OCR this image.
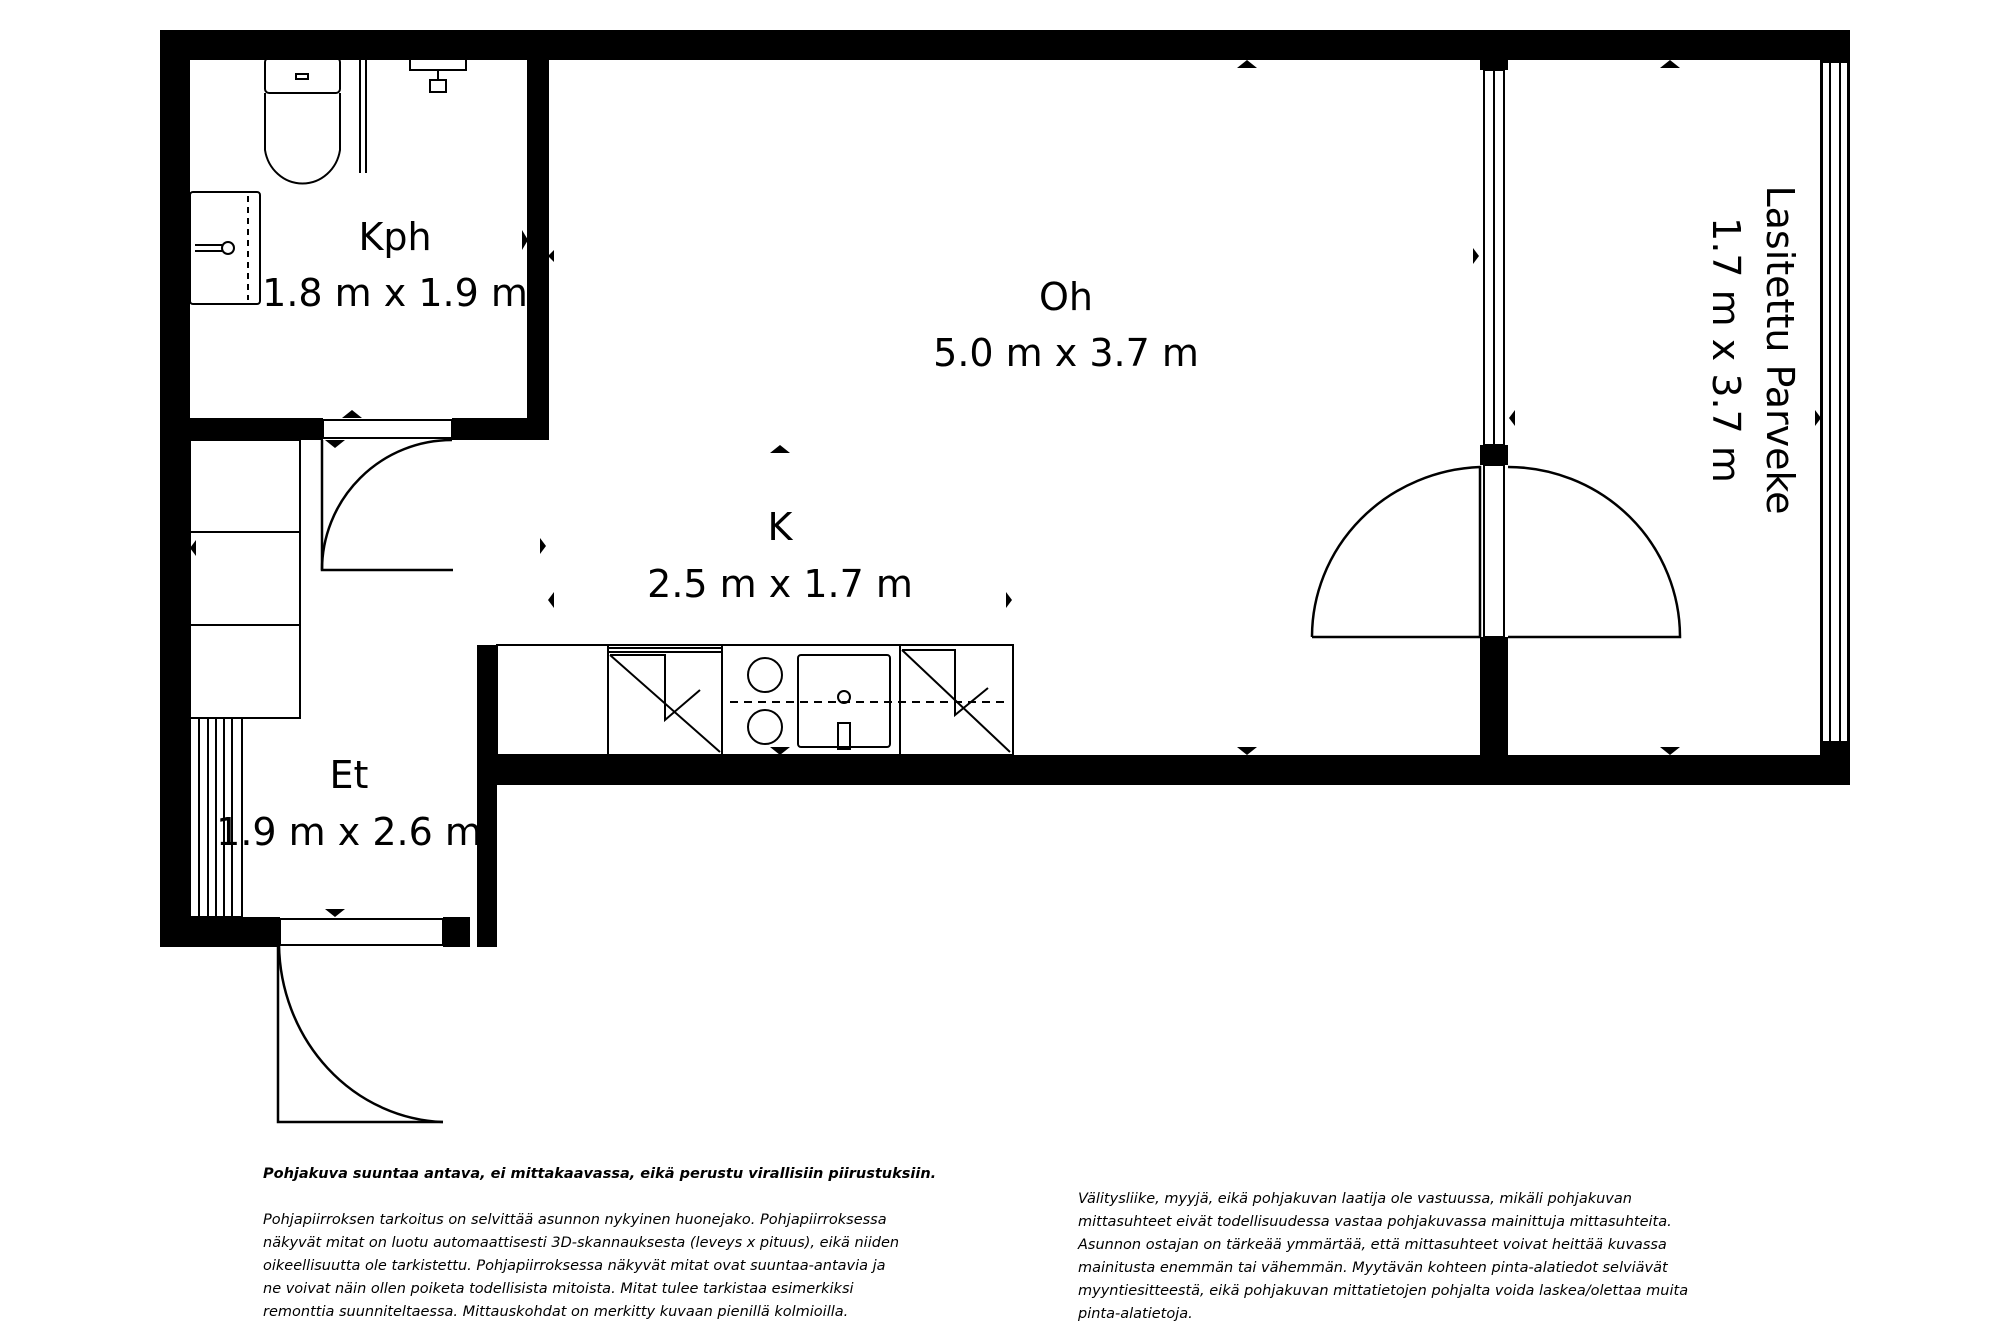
Kph
1.8 m x 1.9 m	Oh
5.0 m x 3.7 m
K
2.5 m x 1.7 m
Et
1.9 m x 2.6 m
Lasitettu Parveke
1.7 m x 3.7 m

Pohjakuva suuntaa antava, ei mittakaavassa, eikä perustu virallisiin piirustuksiin.

Pohjapiirroksen tarkoitus on selvittää asunnon nykyinen huonejako. Pohjapiirroksessa
näkyvät mitat on luotu automaattisesti 3D-skannauksesta (leveys x pituus), eikä niiden
oikeellisuutta ole tarkistettu. Pohjapiirroksessa näkyvät mitat ovat suuntaa-antavia ja
ne voivat näin ollen poiketa todellisista mitoista. Mitat tulee tarkistaa esimerkiksi
remonttia suunniteltaessa. Mittauskohdat on merkitty kuvaan pienillä kolmioilla.
Välitysliike, myyjä, eikä pohjakuvan laatija ole vastuussa, mikäli pohjakuvan
mittasuhteet eivät todellisuudessa vastaa pohjakuvassa mainittuja mittasuhteita.
Asunnon ostajan on tärkeää ymmärtää, että mittasuhteet voivat heittää kuvassa
mainitusta enemmän tai vähemmän. Myytävän kohteen pinta-alatiedot selviävät
myyntiesitteestä, eikä pohjakuvan mittatietojen pohjalta voida laskea/olettaa muita
pinta-alatietoja.
